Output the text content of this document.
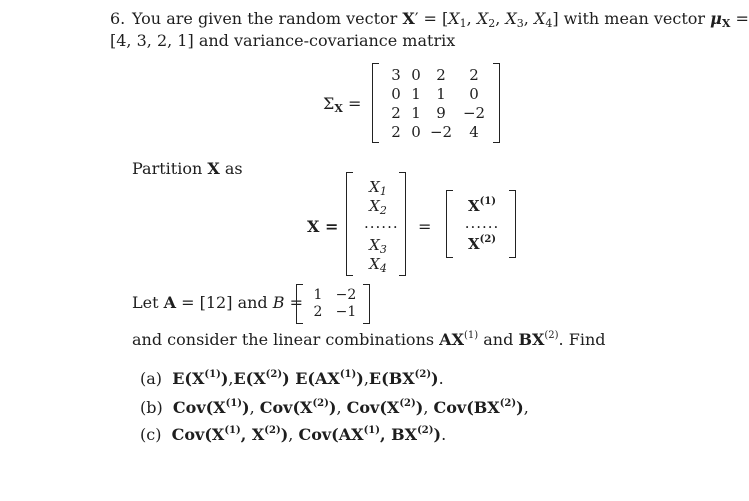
6. You are given the random vector $X' = [X_1$, $X_2$, $X_3$, $X_4$] with mean vector $\mu_X$ =
[4, 3, 2, 1] and variance-covariance matrix
$\Sigma_X$ =
3 0	2	2
0 1	1	0
2 1	9	−2
2 0 −2	4
Partition X as
X =
$X_1$
$X_2$
......
$X_3$
$X_4$
=
$X^{(1)}$
......
$X^{(2)}$
Let A = [12] and B = 1 −2
2 −1
and consider the linear combinations AX$^{(1)}$ and BX$^{(2)}$. Find
(a) $E(X^{(1)}),E(X^{(2)})$ E(AX$^{(1)}$),E(BX$^{(2)}$).
(b) $Cov(X^{(1)})$, $Cov(X^{(2)})$, $Cov(X^{(2)})$, Cov(BX$^{(2)}$),
(c) $Cov(X^{(1)}$, $X^{(2)}$), Cov(AX$^{(1)}$, BX$^{(2)}$).
